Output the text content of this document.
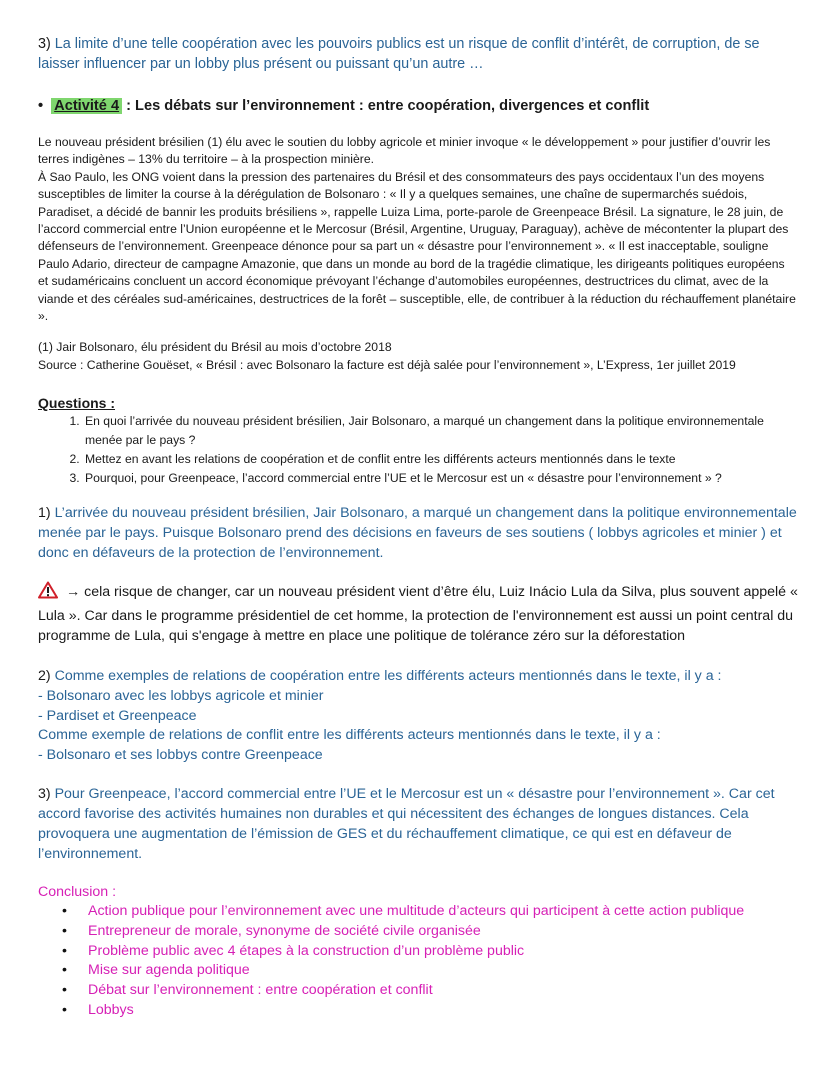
3) La limite d’une telle coopération avec les pouvoirs publics est un risque de conflit d’intérêt, de corruption, de se laisser influencer par un lobby plus présent ou puissant qu’un autre …

• Activité 4 : Les débats sur l’environnement : entre coopération, divergences et conflit

Le nouveau président brésilien (1) élu avec le soutien du lobby agricole et minier invoque « le développement » pour justifier d’ouvrir les terres indigènes – 13% du territoire – à la prospection minière.

À Sao Paulo, les ONG voient dans la pression des partenaires du Brésil et des consommateurs des pays occidentaux l’un des moyens susceptibles de limiter la course à la dérégulation de Bolsonaro : « Il y a quelques semaines, une chaîne de supermarchés suédois, Paradiset, a décidé de bannir les produits brésiliens », rappelle Luiza Lima, porte-parole de Greenpeace Brésil. La signature, le 28 juin, de l’accord commercial entre l’Union européenne et le Mercosur (Brésil, Argentine, Uruguay, Paraguay), achève de mécontenter la plupart des défenseurs de l’environnement. Greenpeace dénonce pour sa part un « désastre pour l’environnement ». « Il est inacceptable, souligne Paulo Adario, directeur de campagne Amazonie, que dans un monde au bord de la tragédie climatique, les dirigeants politiques européens et sudaméricains concluent un accord économique prévoyant l’échange d’automobiles européennes, destructrices du climat, avec de la viande et des céréales sud-américaines, destructrices de la forêt – susceptible, elle, de contribuer à la réduction du réchauffement planétaire ».

(1) Jair Bolsonaro, élu président du Brésil au mois d’octobre 2018

Source : Catherine Gouëset, « Brésil : avec Bolsonaro la facture est déjà salée pour l’environnement », L’Express, 1er juillet 2019

Questions :
1. En quoi l’arrivée du nouveau président brésilien, Jair Bolsonaro, a marqué un changement dans la politique environnementale menée par le pays ?
2. Mettez en avant les relations de coopération et de conflit entre les différents acteurs mentionnés dans le texte
3. Pourquoi, pour Greenpeace, l’accord commercial entre l’UE et le Mercosur est un « désastre pour l’environnement » ?

1) L’arrivée du nouveau président brésilien, Jair Bolsonaro, a marqué un changement dans la politique environnementale menée par le pays. Puisque Bolsonaro prend des décisions en faveurs de ses soutiens ( lobbys agricoles et minier ) et donc en défaveurs de la protection de l’environnement.

→ cela risque de changer, car un nouveau président vient d’être élu, Luiz Inácio Lula da Silva, plus souvent appelé « Lula ». Car dans le programme présidentiel de cet homme, la protection de l'environnement est aussi un point central du programme de Lula, qui s'engage à mettre en place une politique de tolérance zéro sur la déforestation

2) Comme exemples de relations de coopération entre les différents acteurs mentionnés dans le texte, il y a :

- Bolsonaro avec les lobbys agricole et minier

- Pardiset et Greenpeace

Comme exemple de relations de conflit entre les différents acteurs mentionnés dans le texte, il y a :

- Bolsonaro et ses lobbys contre Greenpeace

3) Pour Greenpeace, l’accord commercial entre l’UE et le Mercosur est un « désastre pour l’environnement ». Car cet accord favorise des activités humaines non durables et qui nécessitent des échanges de longues distances. Cela provoquera une augmentation de l’émission de GES et du réchauffement climatique, ce qui est en défaveur de l’environnement.

Conclusion :
• Action publique pour l’environnement avec une multitude d’acteurs qui participent à cette action publique
• Entrepreneur de morale, synonyme de société civile organisée
• Problème public avec 4 étapes à la construction d’un problème public
• Mise sur agenda politique
• Débat sur l’environnement : entre coopération et conflit
• Lobbys
